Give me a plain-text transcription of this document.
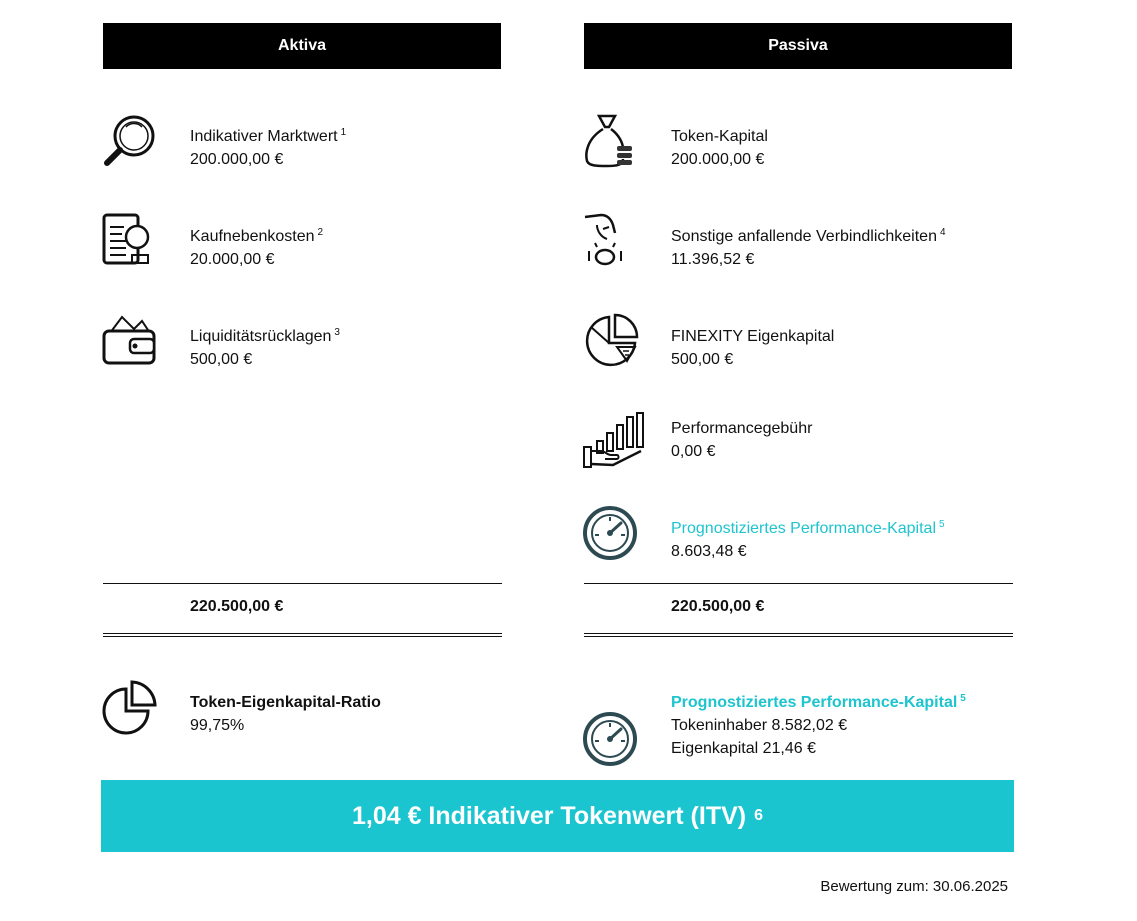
Aktiva	Passiva
Indikativer Marktwert $^1$
200.000,00 €
Kaufnebenkosten $^2$
20.000,00 €
Liquiditätsrücklagen $^3$
500,00 €
220.500,00 €
Token-Eigenkapital-Ratio
99,75%
Token-Kapital
200.000,00 €
Sonstige anfallende Verbindlichkeiten $^4$
11.396,52 €
FINEXITY Eigenkapital
500,00 €
Performancegebühr
0,00 €
Prognostiziertes Performance-Kapital $^5$
8.603,48 €
220.500,00 €
Prognostiziertes Performance-Kapital $^5$
Tokeninhaber 8.582,02 €
Eigenkapital 21,46 €
1,04 € Indikativer Tokenwert (ITV) 6
Bewertung zum: 30.06.2025
